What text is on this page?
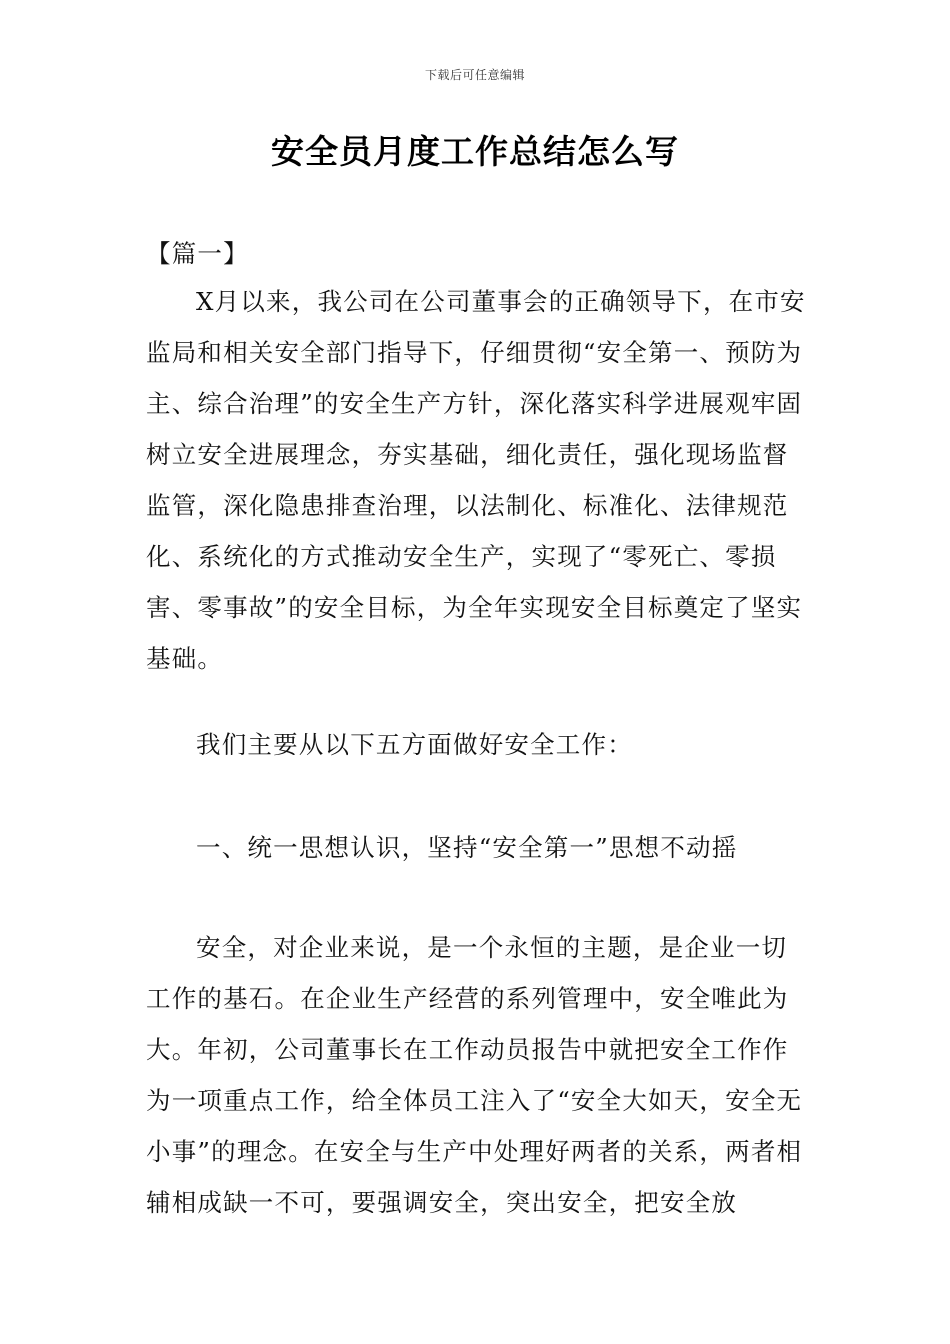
下载后可任意编辑
安全员月度工作总结怎么写

【篇一】

X月以来，我公司在公司董事会的正确领导下，在市安监局和相关安全部门指导下，仔细贯彻“安全第一、预防为主、综合治理”的安全生产方针，深化落实科学进展观牢固树立安全进展理念，夯实基础，细化责任，强化现场监督监管，深化隐患排查治理，以法制化、标准化、法律规范化、系统化的方式推动安全生产，实现了“零死亡、零损害、零事故”的安全目标，为全年实现安全目标奠定了坚实基础。

我们主要从以下五方面做好安全工作：

一、统一思想认识，坚持“安全第一”思想不动摇

安全，对企业来说，是一个永恒的主题，是企业一切工作的基石。在企业生产经营的系列管理中，安全唯此为大。年初，公司董事长在工作动员报告中就把安全工作作为一项重点工作，给全体员工注入了“安全大如天，安全无小事”的理念。在安全与生产中处理好两者的关系，两者相辅相成缺一不可，要强调安全，突出安全，把安全放
